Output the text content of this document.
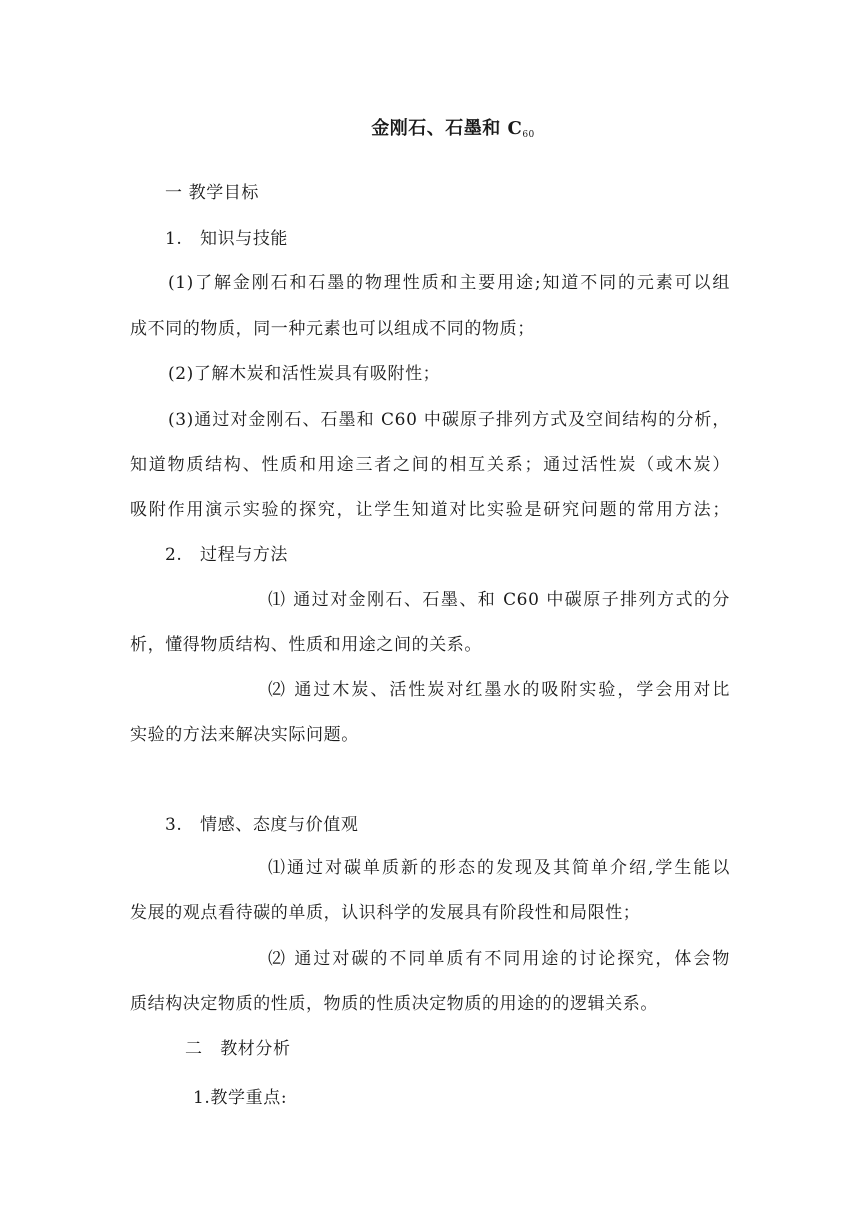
金刚石、石墨和 $C_{60}$
一 教学目标
1.　知识与技能
(1)了解金刚石和石墨的物理性质和主要用途;知道不同的元素可以组
成不同的物质，同一种元素也可以组成不同的物质；
(2)了解木炭和活性炭具有吸附性；
(3)通过对金刚石、石墨和 C60 中碳原子排列方式及空间结构的分析，
知道物质结构、性质和用途三者之间的相互关系；通过活性炭（或木炭）
吸附作用演示实验的探究，让学生知道对比实验是研究问题的常用方法；
2.　过程与方法
⑴ 通过对金刚石、石墨、和 C60 中碳原子排列方式的分
析，懂得物质结构、性质和用途之间的关系。
⑵ 通过木炭、活性炭对红墨水的吸附实验，学会用对比
实验的方法来解决实际问题。
3.　情感、态度与价值观
⑴通过对碳单质新的形态的发现及其简单介绍,学生能以
发展的观点看待碳的单质，认识科学的发展具有阶段性和局限性；
⑵ 通过对碳的不同单质有不同用途的讨论探究，体会物
质结构决定物质的性质，物质的性质决定物质的用途的的逻辑关系。
二　教材分析
1.教学重点:
